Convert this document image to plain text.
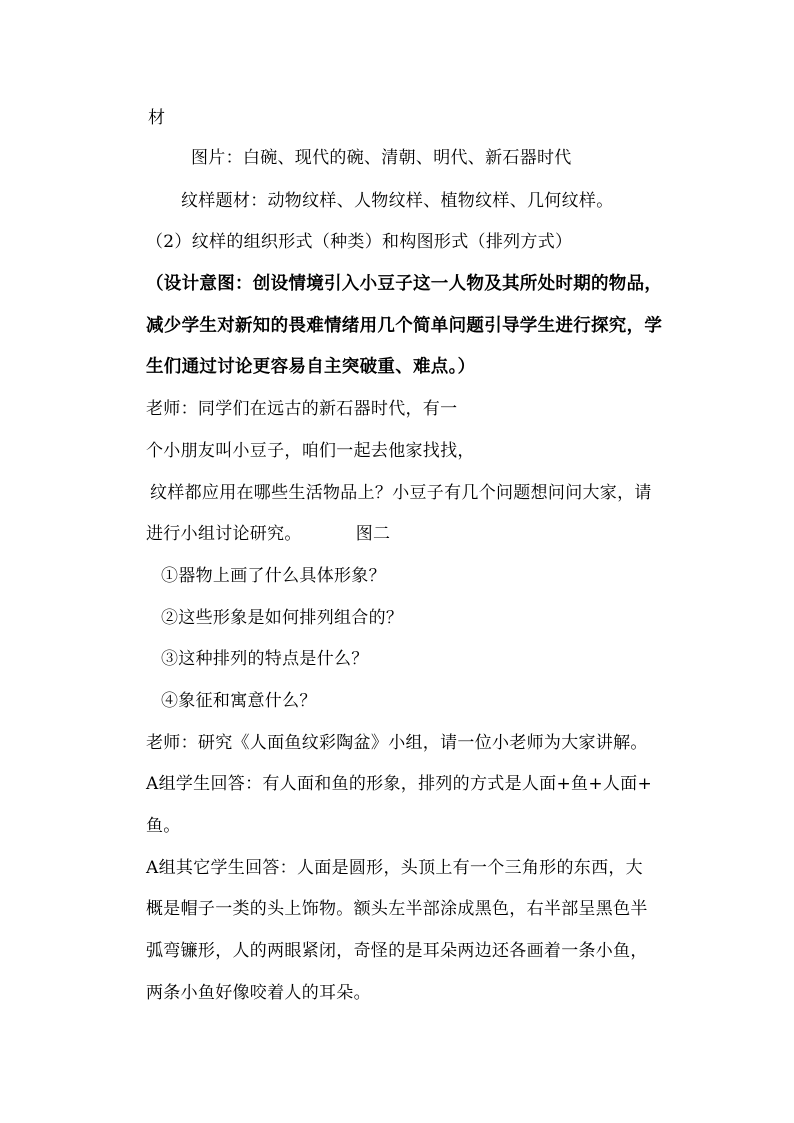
材
图片：白碗、现代的碗、清朝、明代、新石器时代
纹样题材：动物纹样、人物纹样、植物纹样、几何纹样。
（2）纹样的组织形式（种类）和构图形式（排列方式）
（设计意图：创设情境引入小豆子这一人物及其所处时期的物品，
减少学生对新知的畏难情绪用几个简单问题引导学生进行探究，学
生们通过讨论更容易自主突破重、难点。）
老师：同学们在远古的新石器时代，有一
个小朋友叫小豆子，咱们一起去他家找找，
纹样都应用在哪些生活物品上？小豆子有几个问题想问问大家，请
进行小组讨论研究。	图二
①器物上画了什么具体形象？
②这些形象是如何排列组合的？
③这种排列的特点是什么？
④象征和寓意什么？
老师：研究《人面鱼纹彩陶盆》小组，请一位小老师为大家讲解。
A组学生回答：有人面和鱼的形象，排列的方式是人面+鱼+人面+
鱼。
A组其它学生回答：人面是圆形，头顶上有一个三角形的东西，大
概是帽子一类的头上饰物。额头左半部涂成黑色，右半部呈黑色半
弧弯镰形，人的两眼紧闭，奇怪的是耳朵两边还各画着一条小鱼，
两条小鱼好像咬着人的耳朵。
